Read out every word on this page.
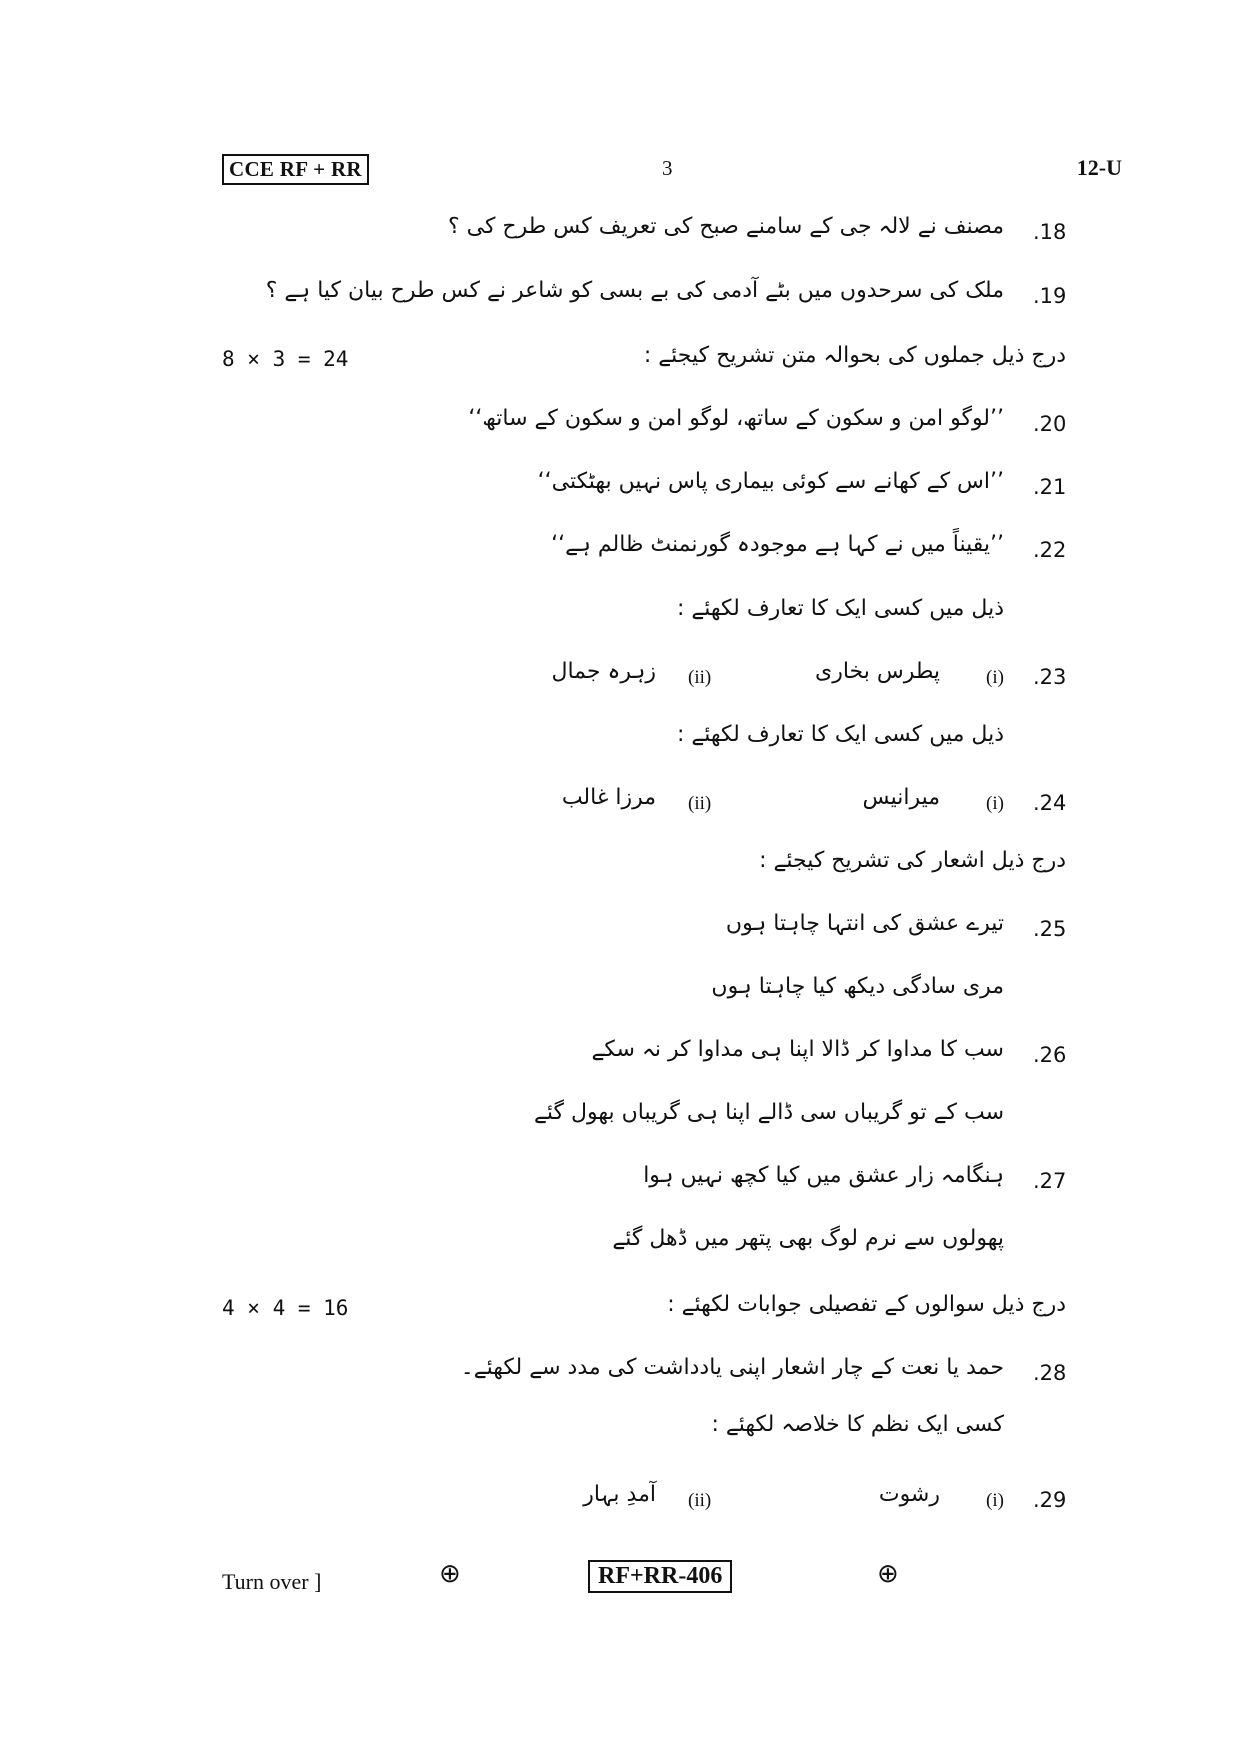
CCE RF + RR	3	12-U
.18
مصنف نے لالہ جی کے سامنے صبح کی تعریف کس طرح کی ؟
.19
ملک کی سرحدوں میں بٹے آدمی کی بے بسی کو شاعر نے کس طرح بیان کیا ہے ؟
8 × 3 = 24	درج ذیل جملوں کی بحوالہ متن تشریح کیجئے :
.20
’’لوگو امن و سکون کے ساتھ، لوگو امن و سکون کے ساتھ‘‘
.21
’’اس کے کھانے سے کوئی بیماری پاس نہیں بھٹکتی‘‘
.22
’’یقیناً میں نے کہا ہے موجودہ گورنمنٹ ظالم ہے‘‘
ذیل میں کسی ایک کا تعارف لکھئے :
.23
(i)
پطرس بخاری
(ii)
زہرہ جمال
ذیل میں کسی ایک کا تعارف لکھئے :
.24
(i)
میرانیس
(ii)
مرزا غالب
درج ذیل اشعار کی تشریح کیجئے :
.25
تیرے عشق کی انتہا چاہتا ہوں
مری سادگی دیکھ کیا چاہتا ہوں
.26
سب کا مداوا کر ڈالا اپنا ہی مداوا کر نہ سکے
سب کے تو گریباں سی ڈالے اپنا ہی گریباں بھول گئے
.27
ہنگامہ زار عشق میں کیا کچھ نہیں ہوا
پھولوں سے نرم لوگ بھی پتھر میں ڈھل گئے
4 × 4 = 16	درج ذیل سوالوں کے تفصیلی جوابات لکھئے :
.28
حمد یا نعت کے چار اشعار اپنی یادداشت کی مدد سے لکھئے۔
کسی ایک نظم کا خلاصہ لکھئے :
.29
(i)
رشوت
(ii)
آمدِ بہار
Turn over ]	⊕	RF+RR-406	⊕
